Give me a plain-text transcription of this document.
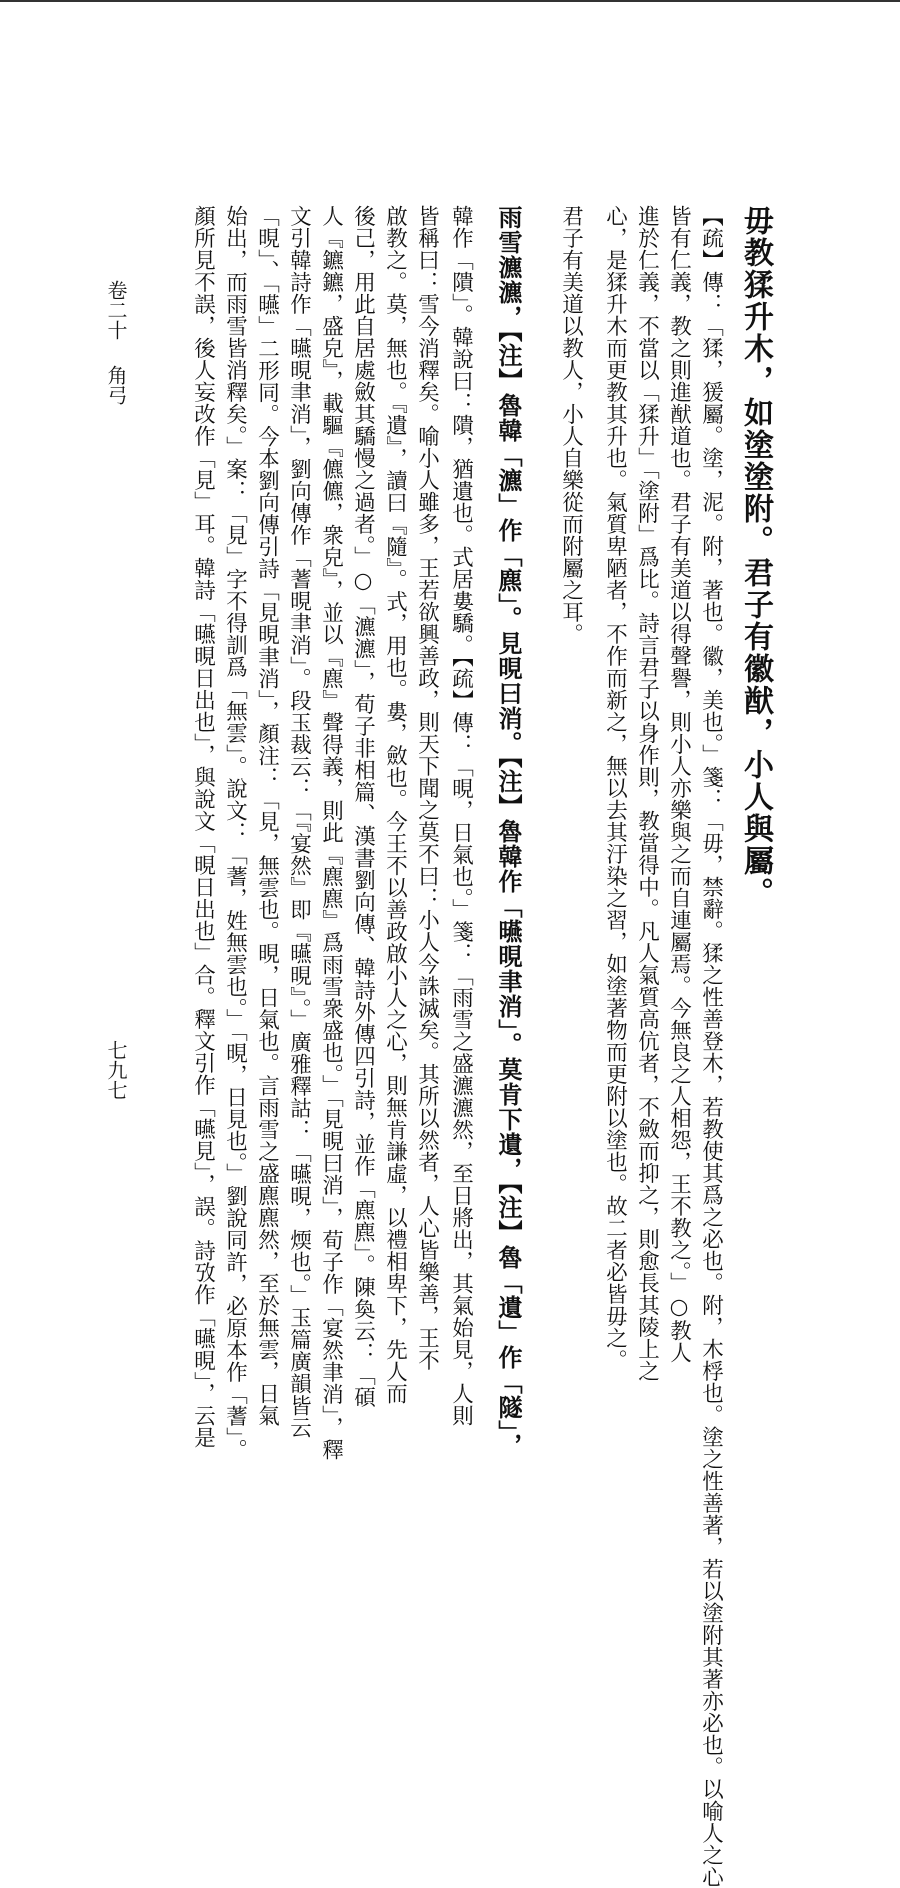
毋教猱升木，如塗塗附。君子有徽猷，小人與屬。
【疏】傳：「猱，猨屬。塗，泥。附，著也。徽，美也。」箋：「毋，禁辭。猱之性善登木，若教使其爲之必也。附，木桴也。塗之性善著，若以塗附其著亦必也。以喻人之心
皆有仁義，教之則進猷道也。君子有美道以得聲譽，則小人亦樂與之而自連屬焉。今無良之人相怨，王不教之。」○教人
進於仁義，不當以「猱升」「塗附」爲比。詩言君子以身作則，教當得中。凡人氣質高伉者，不斂而抑之，則愈長其陵上之
心，是猱升木而更教其升也。氣質卑陋者，不作而新之，無以去其汙染之習，如塗著物而更附以塗也。故二者必皆毋之。
君子有美道以教人，小人自樂從而附屬之耳。
雨雪瀌瀌，【注】魯韓「瀌」作「麃」。見晛曰消。【注】魯韓作「曣晛聿消」。莫肯下遺，【注】魯「遺」作「隧」，
韓作「隤」。韓說曰：隤，猶遺也。式居婁驕。【疏】傳：「晛，日氣也。」箋：「雨雪之盛瀌瀌然，至日將出，其氣始見，人則
皆稱曰：雪今消釋矣。喻小人雖多，王若欲興善政，則天下聞之莫不曰：小人今誅滅矣。其所以然者，人心皆樂善，王不
啟教之。莫，無也。『遺』，讀曰『隨』。式，用也。婁，斂也。今王不以善政啟小人之心，則無肯謙虛，以禮相卑下，先人而
後己，用此自居處斂其驕慢之過者。」○「瀌瀌」，荀子非相篇、漢書劉向傳、韓詩外傳四引詩，並作「麃麃」。陳奐云：「碩
人『鑣鑣，盛皃』，載驅『儦儦，衆皃』，並以『麃』聲得義，則此『麃麃』爲雨雪衆盛也。」「見晛曰消」，荀子作「宴然聿消」，釋
文引韓詩作「曣晛聿消」，劉向傳作「蓍晛聿消」。段玉裁云：「『宴然』即『曣晛』。」廣雅釋詁：「曣晛，煗也。」玉篇廣韻皆云
「晛」、「曣」二形同。今本劉向傳引詩「見晛聿消」，顏注：「見，無雲也。晛，日氣也。言雨雪之盛麃麃然，至於無雲，日氣
始出，而雨雪皆消釋矣。」案：「見」字不得訓爲「無雲」。說文：「蓍，姓無雲也。」「晛，日見也。」劉說同許，必原本作「蓍」。
顏所見不誤，後人妄改作「見」耳。韓詩「曣晛日出也」，與說文「晛日出也」合。釋文引作「曣見」，誤。詩攷作「曣晛」，云是
卷二十
角弓
七九七
